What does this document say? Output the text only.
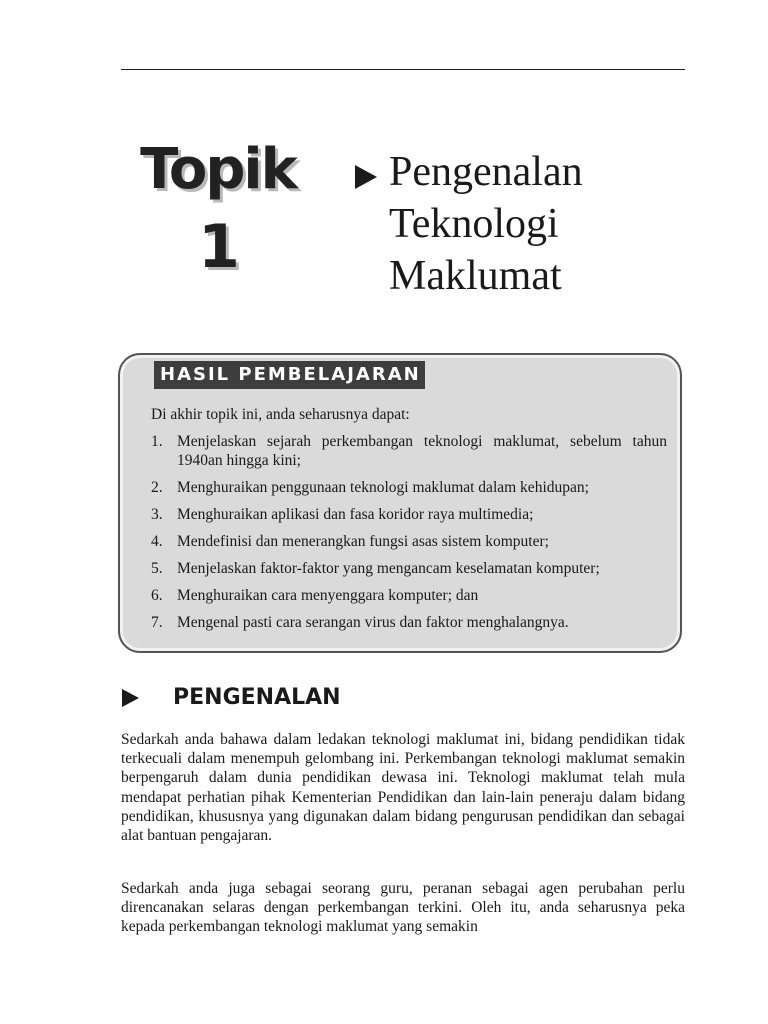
Topik
1
Pengenalan
Teknologi
Maklumat
HASIL PEMBELAJARAN

Di akhir topik ini, anda seharusnya dapat:

1. Menjelaskan sejarah perkembangan teknologi maklumat, sebelum tahun 1940an hingga kini;
2. Menghuraikan penggunaan teknologi maklumat dalam kehidupan;
3. Menghuraikan aplikasi dan fasa koridor raya multimedia;
4. Mendefinisi dan menerangkan fungsi asas sistem komputer;
5. Menjelaskan faktor-faktor yang mengancam keselamatan komputer;
6. Menghuraikan cara menyenggara komputer; dan
7. Mengenal pasti cara serangan virus dan faktor menghalangnya.
PENGENALAN

Sedarkah anda bahawa dalam ledakan teknologi maklumat ini, bidang pendidikan tidak terkecuali dalam menempuh gelombang ini. Perkembangan teknologi maklumat semakin berpengaruh dalam dunia pendidikan dewasa ini. Teknologi maklumat telah mula mendapat perhatian pihak Kementerian Pendidikan dan lain-lain peneraju dalam bidang pendidikan, khususnya yang digunakan dalam bidang pengurusan pendidikan dan sebagai alat bantuan pengajaran.

Sedarkah anda juga sebagai seorang guru, peranan sebagai agen perubahan perlu direncanakan selaras dengan perkembangan terkini. Oleh itu, anda seharusnya peka kepada perkembangan teknologi maklumat yang semakin
